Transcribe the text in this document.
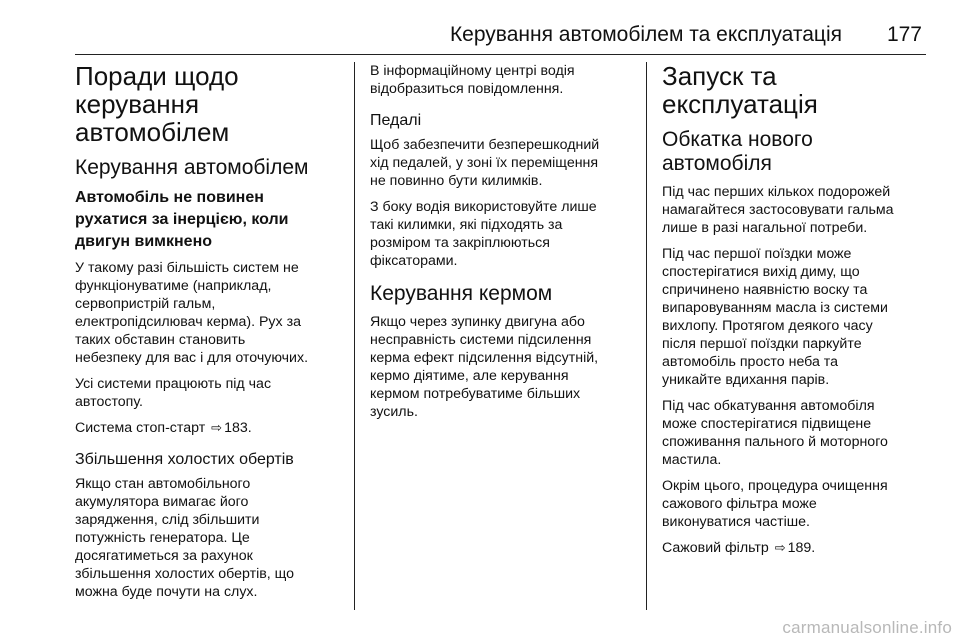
Керування автомобілем та експлуатація 177
Поради щодо
керування
автомобілем
Керування автомобілем
Автомобіль не повинен
рухатися за інерцією, коли
двигун вимкнено

У такому разі більшість систем не
функціонуватиме (наприклад,
сервопристрій гальм,
електропідсилювач керма). Рух за
таких обставин становить
небезпеку для вас і для оточуючих.

Усі системи працюють під час
автостопу.

Система стоп-старт ⇨ 183.

Збільшення холостих обертів

Якщо стан автомобільного
акумулятора вимагає його
зарядження, слід збільшити
потужність генератора. Це
досягатиметься за рахунок
збільшення холостих обертів, що
можна буде почути на слух.

В інформаційному центрі водія
відобразиться повідомлення.

Педалі

Щоб забезпечити безперешкодний
хід педалей, у зоні їх переміщення
не повинно бути килимків.

З боку водія використовуйте лише
такі килимки, які підходять за
розміром та закріплюються
фіксаторами.

Керування кермом

Якщо через зупинку двигуна або
несправність системи підсилення
керма ефект підсилення відсутній,
кермо діятиме, але керування
кермом потребуватиме більших
зусиль.

Запуск та
експлуатація
Обкатка нового
автомобіля

Під час перших кількох подорожей
намагайтеся застосовувати гальма
лише в разі нагальної потреби.

Під час першої поїздки може
спостерігатися вихід диму, що
спричинено наявністю воску та
випаровуванням масла із системи
вихлопу. Протягом деякого часу
після першої поїздки паркуйте
автомобіль просто неба та
уникайте вдихання парів.

Під час обкатування автомобіля
може спостерігатися підвищене
споживання пального й моторного
мастила.

Окрім цього, процедура очищення
сажового фільтра може
виконуватися частіше.

Сажовий фільтр ⇨ 189.

carmanualsonline.info
